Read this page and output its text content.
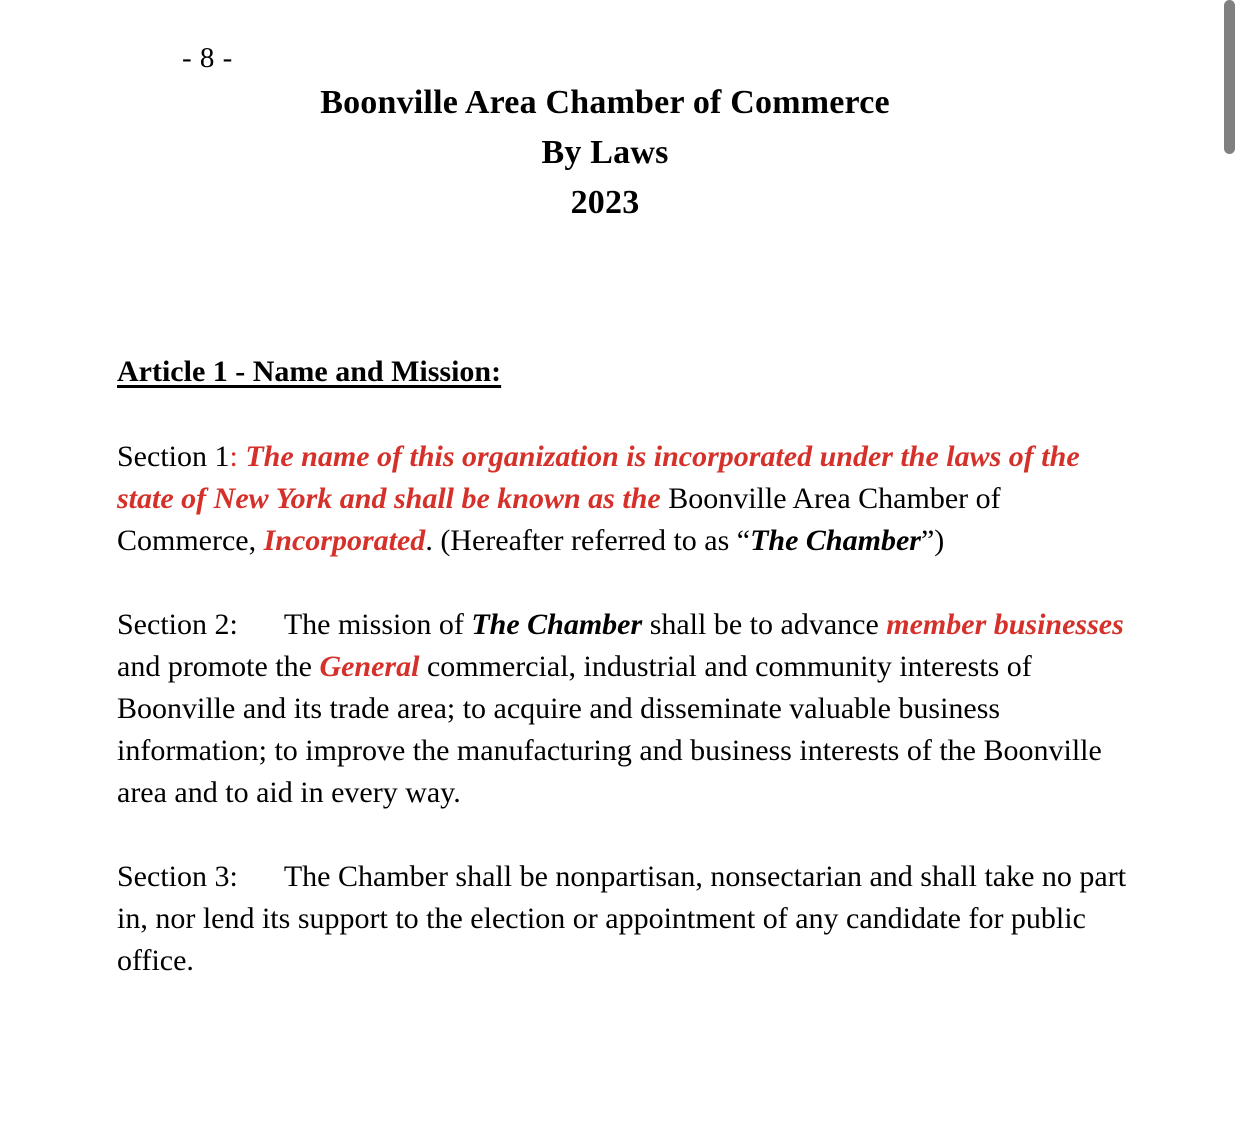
- 8 -
Boonville Area Chamber of Commerce
By Laws
2023
Article 1 - Name and Mission:

Section 1: The name of this organization is incorporated under the laws of the state of New York and shall be known as the Boonville Area Chamber of Commerce, Incorporated. (Hereafter referred to as “The Chamber”)

Section 2: The mission of The Chamber shall be to advance member businesses and promote the General commercial, industrial and community interests of Boonville and its trade area; to acquire and disseminate valuable business information; to improve the manufacturing and business interests of the Boonville area and to aid in every way.

Section 3: The Chamber shall be nonpartisan, nonsectarian and shall take no part in, nor lend its support to the election or appointment of any candidate for public office.
